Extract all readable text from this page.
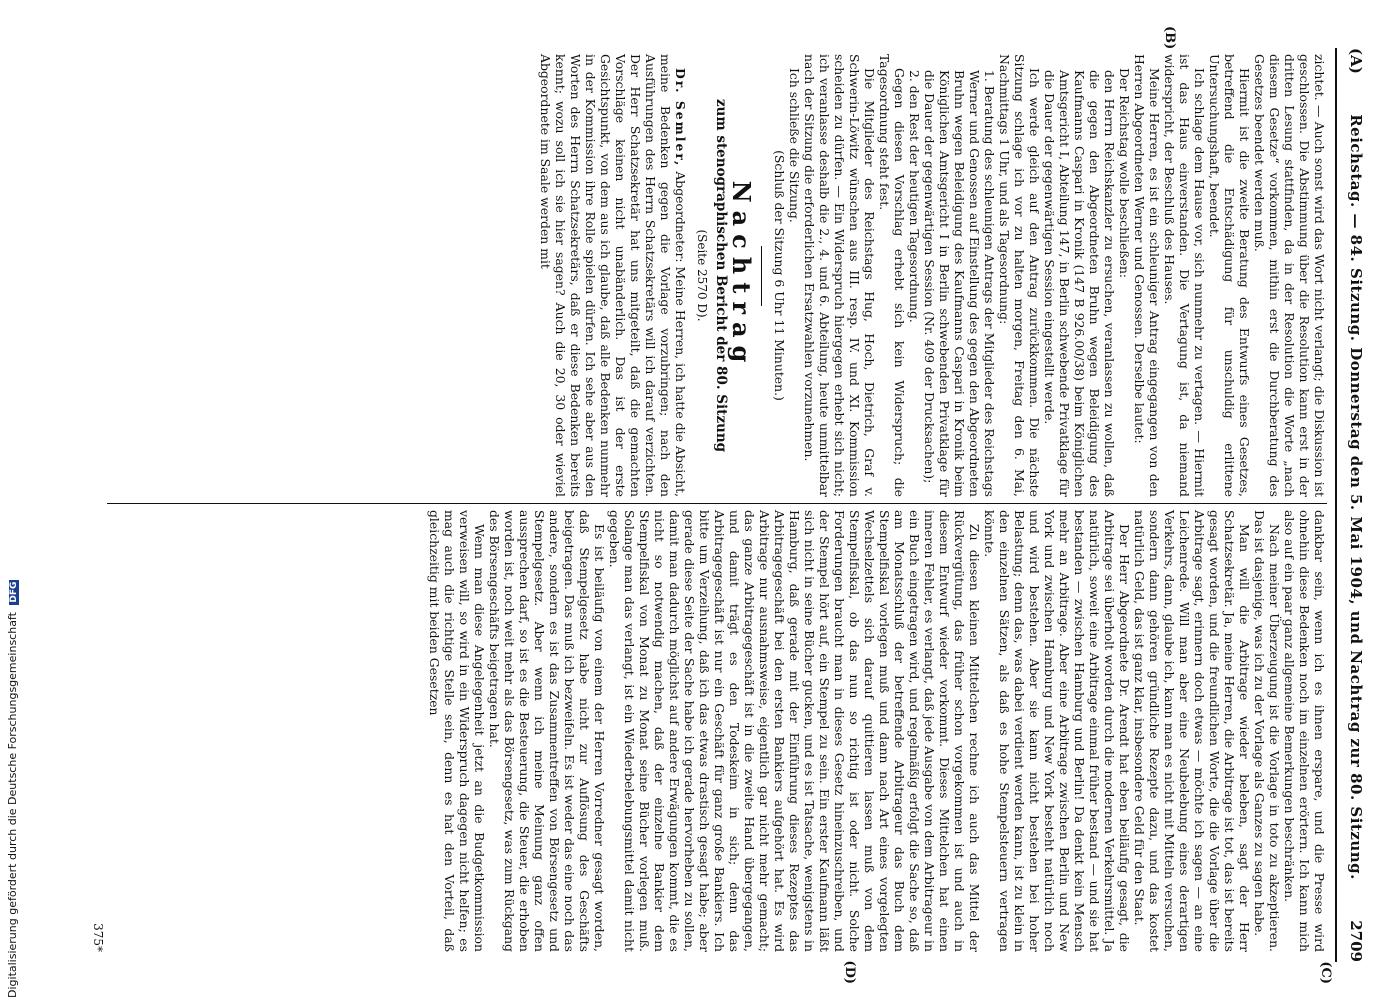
(A)
Reichstag. — 84. Sitzung. Donnerstag den 5. Mai 1904, und Nachtrag zur 80. Sitzung.
2709

zichtet. — Auch sonst wird das Wort nicht verlangt; die Diskussion ist geschlossen. Die Abstimmung über die Resolution kann erst in der dritten Lesung stattfinden, da in der Resolution die Worte „nach diesem Gesetze“ vorkommen, mithin erst die Durchberatung des Gesetzes beendet werden muß.

Hiermit ist die zweite Beratung des Entwurfs eines Gesetzes, betreffend die Entschädigung für unschuldig erlittene Untersuchungshaft, beendet.

Ich schlage dem Hause vor, sich nunmehr zu vertagen. — Hiermit ist das Haus einverstanden. Die Vertagung ist, da niemand widerspricht, der Beschluß des Hauses.

Meine Herren, es ist ein schleuniger Antrag eingegangen von den Herren Abgeordneten Werner und Genossen. Derselbe lautet:

Der Reichstag wolle beschließen:

den Herrn Reichskanzler zu ersuchen, veranlassen zu wollen, daß die gegen den Abgeordneten Bruhn wegen Beleidigung des Kaufmanns Caspari in Kronik (147 B 926.00/38) beim Königlichen Amtsgericht I, Abteilung 147, in Berlin schwebende Privatklage für die Dauer der gegenwärtigen Session eingestellt werde.

Ich werde gleich auf den Antrag zurückkommen. Die nächste Sitzung schlage ich vor zu halten morgen, Freitag den 6. Mai, Nachmittags 1 Uhr, und als Tagesordnung:

1. Beratung des schleunigen Antrags der Mitglieder des Reichstags Werner und Genossen auf Einstellung des gegen den Abgeordneten Bruhn wegen Beleidigung des Kaufmanns Caspari in Kronik beim Königlichen Amtsgericht I in Berlin schwebenden Privatklage für die Dauer der gegenwärtigen Session (Nr. 409 der Drucksachen);

2. den Rest der heutigen Tagesordnung.

Gegen diesen Vorschlag erhebt sich kein Widerspruch; die Tagesordnung steht fest.

Die Mitglieder des Reichstags Hug, Hoch, Dietrich, Graf v. Schwerin-Löwitz wünschen aus III. resp. IV. und XI. Kommission scheiden zu dürfen. — Ein Widerspruch hiergegen erhebt sich nicht; ich veranlasse deshalb die 2., 4. und 6. Abteilung, heute unmittelbar nach der Sitzung die erforderlichen Ersatzwahlen vorzunehmen.

Ich schließe die Sitzung.

(Schluß der Sitzung 6 Uhr 11 Minuten.)

Nachtrag
zum stenographischen Bericht der 80. Sitzung
(Seite 2570 D).

Dr. Semler, Abgeordneter: Meine Herren, ich hatte die Absicht, meine Bedenken gegen die Vorlage vorzubringen; nach den Ausführungen des Herrn Schatzsekretärs will ich darauf verzichten. Der Herr Schatzsekretär hat uns mitgeteilt, daß die gemachten Vorschläge keinen nicht unabänderlich. Das ist der erste Gesichtspunkt, von dem aus ich glaube, daß alle Bedenken nunmehr in der Kommission ihre Rolle spielen dürfen. Ich sehe aber aus den Worten des Herrn Schatzsekretärs, daß er diese Bedenken bereits kennt; wozu soll ich sie hier sagen? Auch die 20, 30 oder wieviel Abgeordnete im Saale werden mit

dankbar sein, wenn ich es ihnen erspare, und die Presse wird ohnehin diese Bedenken noch im einzelnen erörtern. Ich kann mich also auf ein paar ganz allgemeine Bemerkungen beschränken.

Nach meiner Überzeugung ist die Vorlage in toto zu akzeptieren. Das ist dasjenige, was ich zu der Vorlage als Ganzes zu sagen habe.

Man will die Arbitrage wieder beleben, sagt der Herr Schatzsekretär. Ja, meine Herren, die Arbitrage ist tot, das ist bereits gesagt worden, und die freundlichen Worte, die die Vorlage über die Arbitrage sagt, erinnern doch etwas — möchte ich sagen — an eine Leichenrede. Will man aber eine Neubelebung eines derartigen Verkehrs, dann, glaube ich, kann man es nicht mit Mitteln versuchen, sondern dann gehören gründliche Rezepte dazu, und das kostet natürlich Geld, das ist ganz klar, insbesondere Geld für den Staat.

Der Herr Abgeordnete Dr. Arendt hat eben beiläufig gesagt, die Arbitrage sei überholt worden durch die modernen Verkehrsmittel. Ja natürlich, soweit eine Arbitrage einmal früher bestand — und sie hat bestanden — zwischen Hamburg und Berlin! Da denkt kein Mensch mehr an Arbitrage. Aber eine Arbitrage zwischen Berlin und New York und zwischen Hamburg und New York besteht natürlich noch und wird bestehen. Aber sie kann nicht bestehen bei hoher Belastung; denn das, was dabei verdient werden kann, ist zu klein in den einzelnen Sätzen, als daß es hohe Stempelsteuern vertragen könnte.

Zu diesen kleinen Mittelchen rechne ich auch das Mittel der Rückvergütung, das früher schon vorgekommen ist und auch in diesem Entwurf wieder vorkommt. Dieses Mittelchen hat einen inneren Fehler, es verlangt, daß jede Ausgabe von dem Arbitrageur in ein Buch eingetragen wird, und regelmäßig erfolgt die Sache so, daß am Monatsschluß der betreffende Arbitrageur das Buch dem Stempelfiskal vorlegen muß und dann nach Art eines vorgelegten Wechselzettels sich darauf quittieren lassen muß von dem Stempelfiskal, ob das nun so richtig ist oder nicht. Solche Forderungen braucht man in dieses Gesetz hineinzuschreiben, und der Stempel hört auf, ein Stempel zu sein. Ein erster Kaufmann läßt sich nicht in seine Bücher gucken, und es ist Tatsache, wenigstens in Hamburg, daß gerade mit der Einführung dieses Rezeptes das Arbitragegeschäft bei den ersten Bankiers aufgehört hat. Es wird Arbitrage nur ausnahmsweise, eigentlich gar nicht mehr gemacht; das ganze Arbitragegeschäft ist in die zweite Hand übergegangen, und damit trägt es den Todeskeim in sich; denn das Arbitragegeschäft ist nur ein Geschäft für ganz große Bankiers. Ich bitte um Verzeihung, daß ich das etwas drastisch gesagt habe; aber gerade diese Seite der Sache habe ich gerade hervorheben zu sollen, damit man dadurch möglichst auf andere Erwägungen kommt, die es nicht so notwendig machen, daß der einzelne Bankier dem Stempelfiskal von Monat zu Monat seine Bücher vorlegen muß. Solange man das verlangt, ist ein Wiederbelebungsmittel damit nicht gegeben.

Es ist beiläufig von einem der Herren Vorredner gesagt worden, daß Stempelgesetz habe nicht zur Auflösung des Geschäfts beigetragen. Das muß ich bezweifeln. Es ist weder das eine noch das andere, sondern es ist das Zusammentreffen von Börsengesetz und Stempelgesetz. Aber wenn ich meine Meinung ganz offen aussprechen darf, so ist es die Besteuerung, die Steuer, die erhoben worden ist, noch weit mehr als das Börsengesetz, was zum Rückgang des Börsengeschäfts beigetragen hat.

Wenn man diese Angelegenheit jetzt an die Budgetkommission verweisen will, so wird in ein Widerspruch dagegen nicht helfen; es mag auch die richtige Stelle sein, denn es hat den Vorteil, daß gleichzeitig mit beiden Gesetzen

(B)
(C)
(D)
375*
Digitalisierung gefördert durch die Deutsche Forschungsgemeinschaft DFG
